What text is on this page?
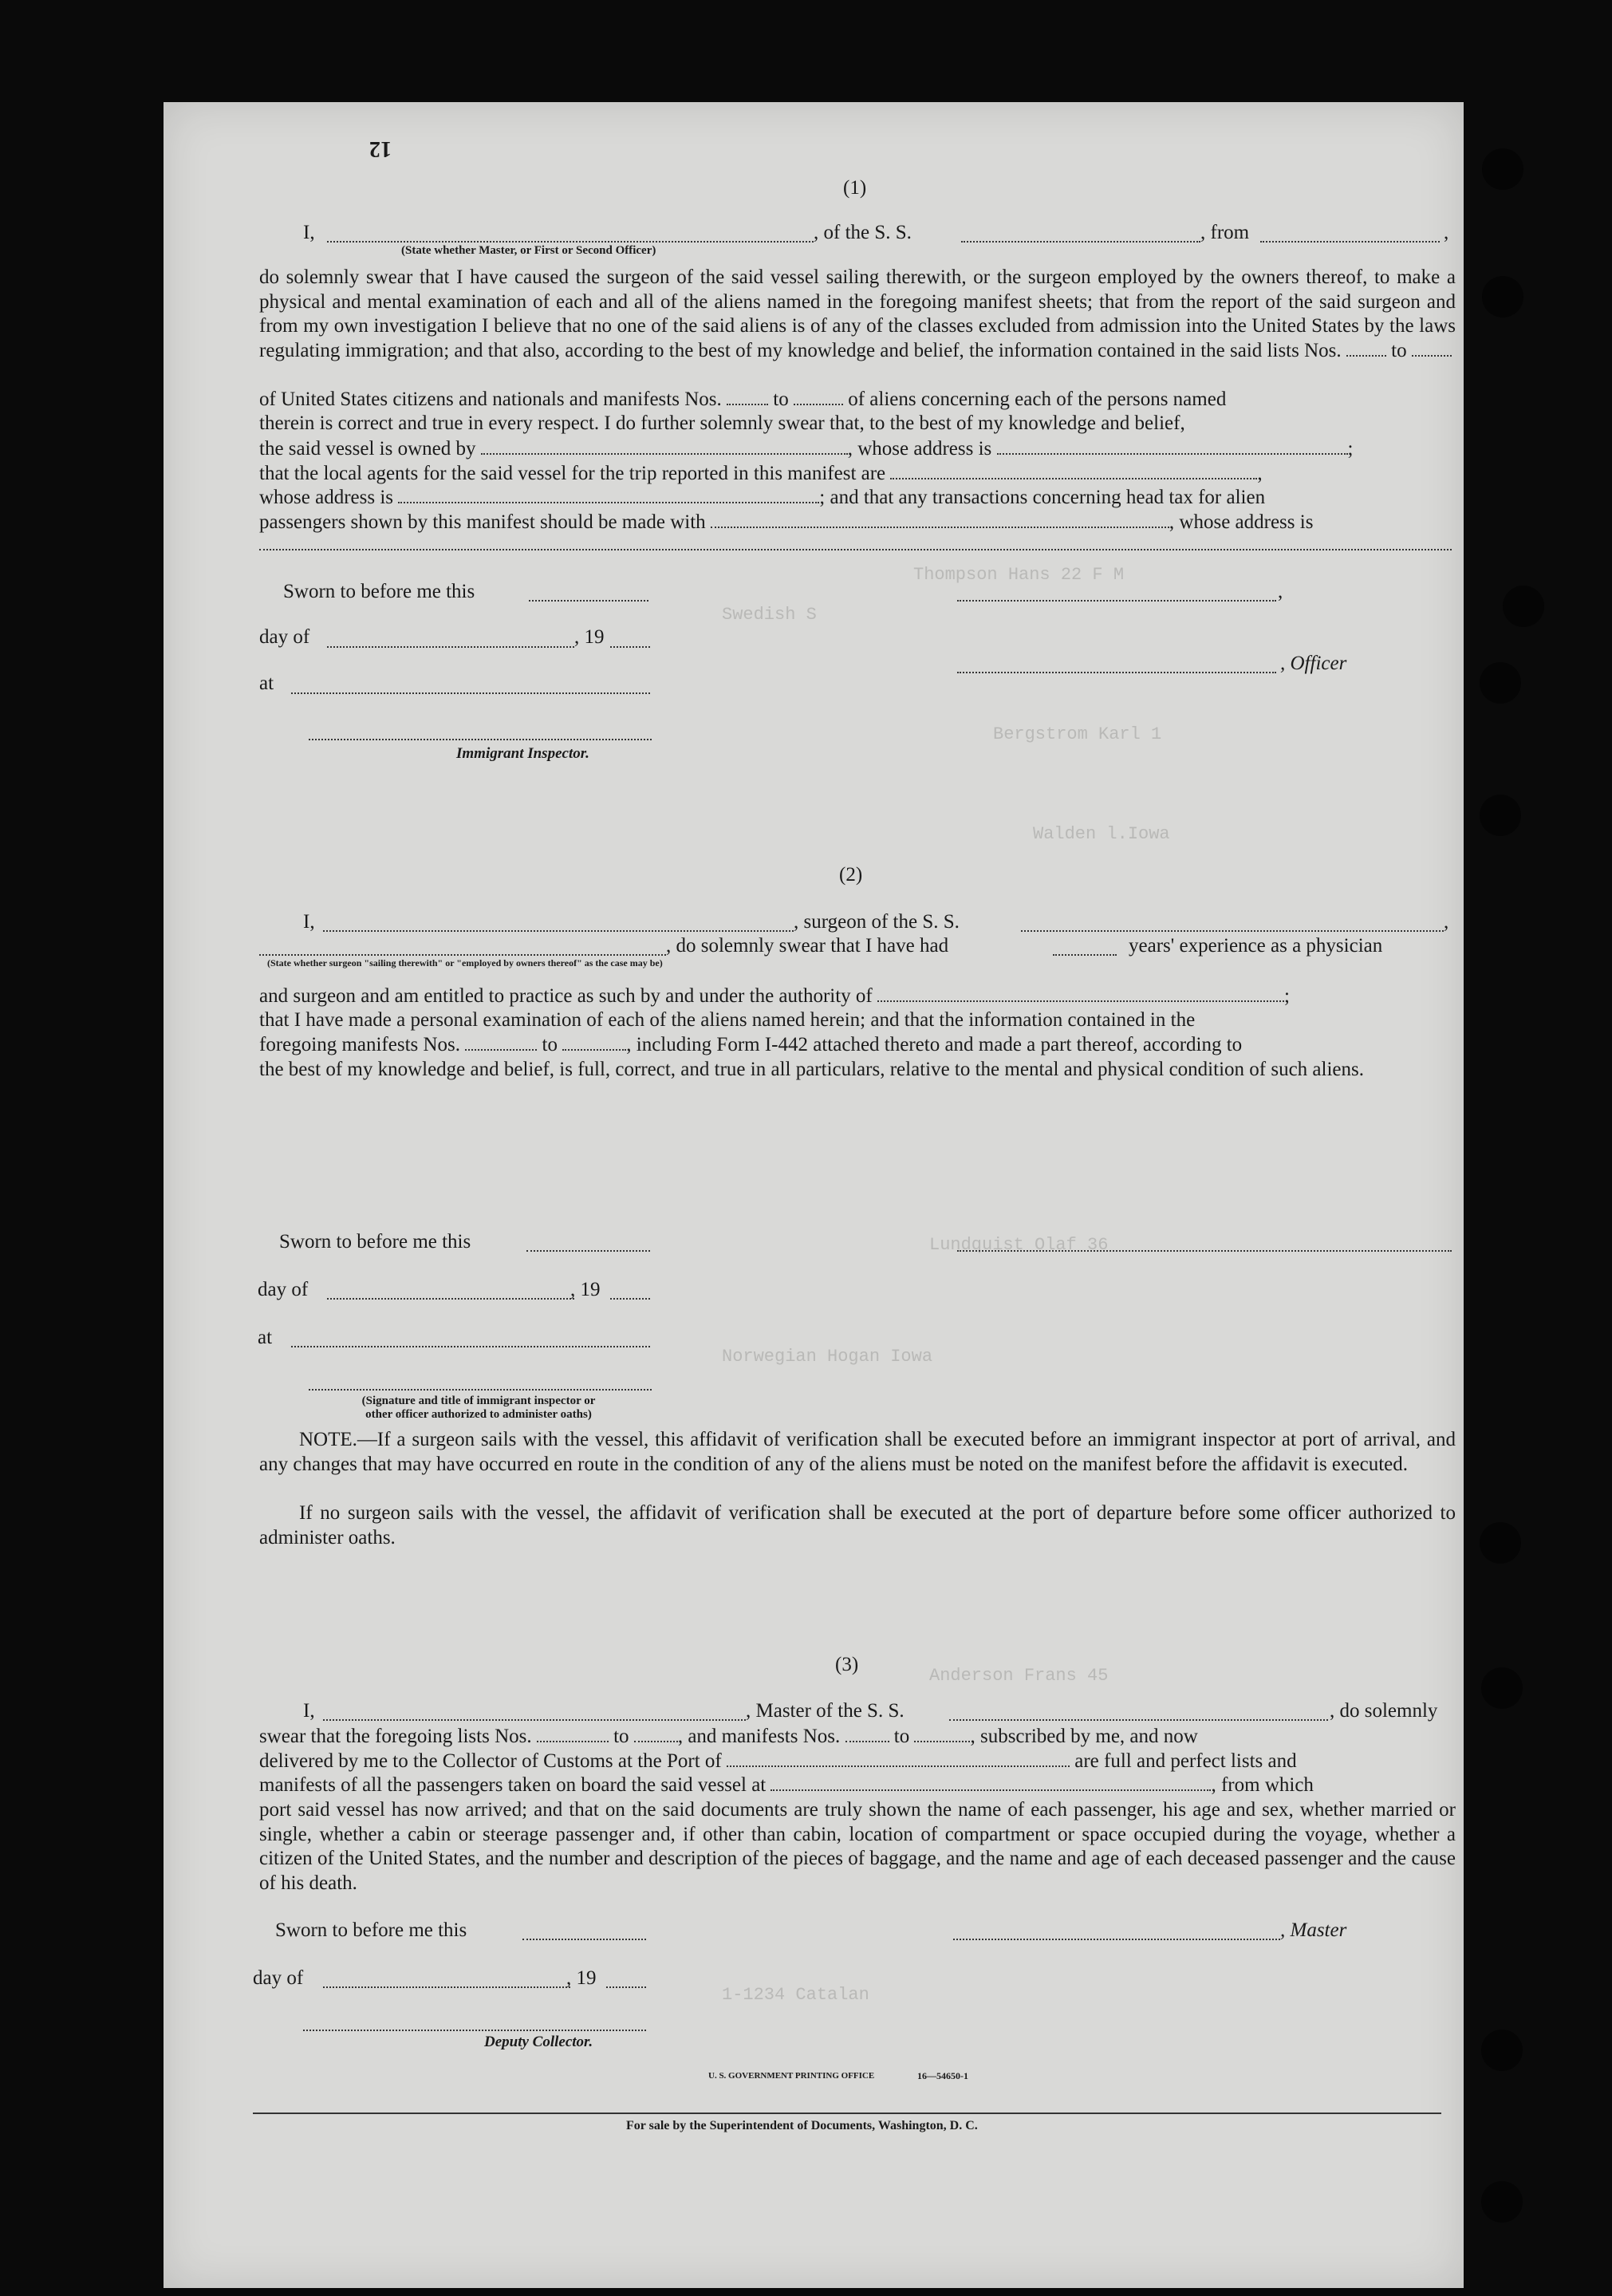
Thompson Hans 22 F M
Swedish S
Bergstrom Karl 1
Walden l.Iowa
Lundquist Olaf 36
Norwegian Hogan Iowa
Anderson Frans 45
1-1234 Catalan
12
(1)
I,	, of the S. S.	, from	,
(State whether Master, or First or Second Officer)
do solemnly swear that I have caused the surgeon of the said vessel sailing therewith, or the surgeon employed by the owners thereof, to make a physical and mental examination of each and all of the aliens named in the foregoing manifest sheets; that from the report of the said surgeon and from my own investigation I believe that no one of the said aliens is of any of the classes excluded from admission into the United States by the laws regulating immigration; and that also, according to the best of my knowledge and belief, the information contained in the said lists Nos.	to
of United States citizens and nationals and manifests Nos.	to	of aliens concerning each of the persons named
therein is correct and true in every respect. I do further solemnly swear that, to the best of my knowledge and belief,
the said vessel is owned by	, whose address is	;
that the local agents for the said vessel for the trip reported in this manifest are	,
whose address is	; and that any transactions concerning head tax for alien
passengers shown by this manifest should be made with	, whose address is
Sworn to before me this	,
day of	, 19
, Officer
at
Immigrant Inspector.
(2)
I,	, surgeon of the S. S.	,
, do solemnly swear that I have had	years' experience as a physician
(State whether surgeon "sailing therewith" or "employed by owners thereof" as the case may be)
and surgeon and am entitled to practice as such by and under the authority of	;
that I have made a personal examination of each of the aliens named herein; and that the information contained in the
foregoing manifests Nos.	to	, including Form I-442 attached thereto and made a part thereof, according to
the best of my knowledge and belief, is full, correct, and true in all particulars, relative to the mental and physical condition of such aliens.
Sworn to before me this
day of	, 19
at
(Signature and title of immigrant inspector or
other officer authorized to administer oaths)
NOTE.—If a surgeon sails with the vessel, this affidavit of verification shall be executed before an immigrant inspector at port of arrival, and any changes that may have occurred en route in the condition of any of the aliens must be noted on the manifest before the affidavit is executed.
If no surgeon sails with the vessel, the affidavit of verification shall be executed at the port of departure before some officer authorized to administer oaths.
(3)
I,	, Master of the S. S.	, do solemnly
swear that the foregoing lists Nos.	to , and manifests Nos.	to	, subscribed by me, and now
delivered by me to the Collector of Customs at the Port of	are full and perfect lists and
manifests of all the passengers taken on board the said vessel at	, from which
port said vessel has now arrived; and that on the said documents are truly shown the name of each passenger, his age and sex, whether married or single, whether a cabin or steerage passenger and, if other than cabin, location of compartment or space occupied during the voyage, whether a citizen of the United States, and the number and description of the pieces of baggage, and the name and age of each deceased passenger and the cause of his death.
Sworn to before me this	, Master
day of	, 19
Deputy Collector.
U. S. GOVERNMENT PRINTING OFFICE	16—54650-1
For sale by the Superintendent of Documents, Washington, D. C.
